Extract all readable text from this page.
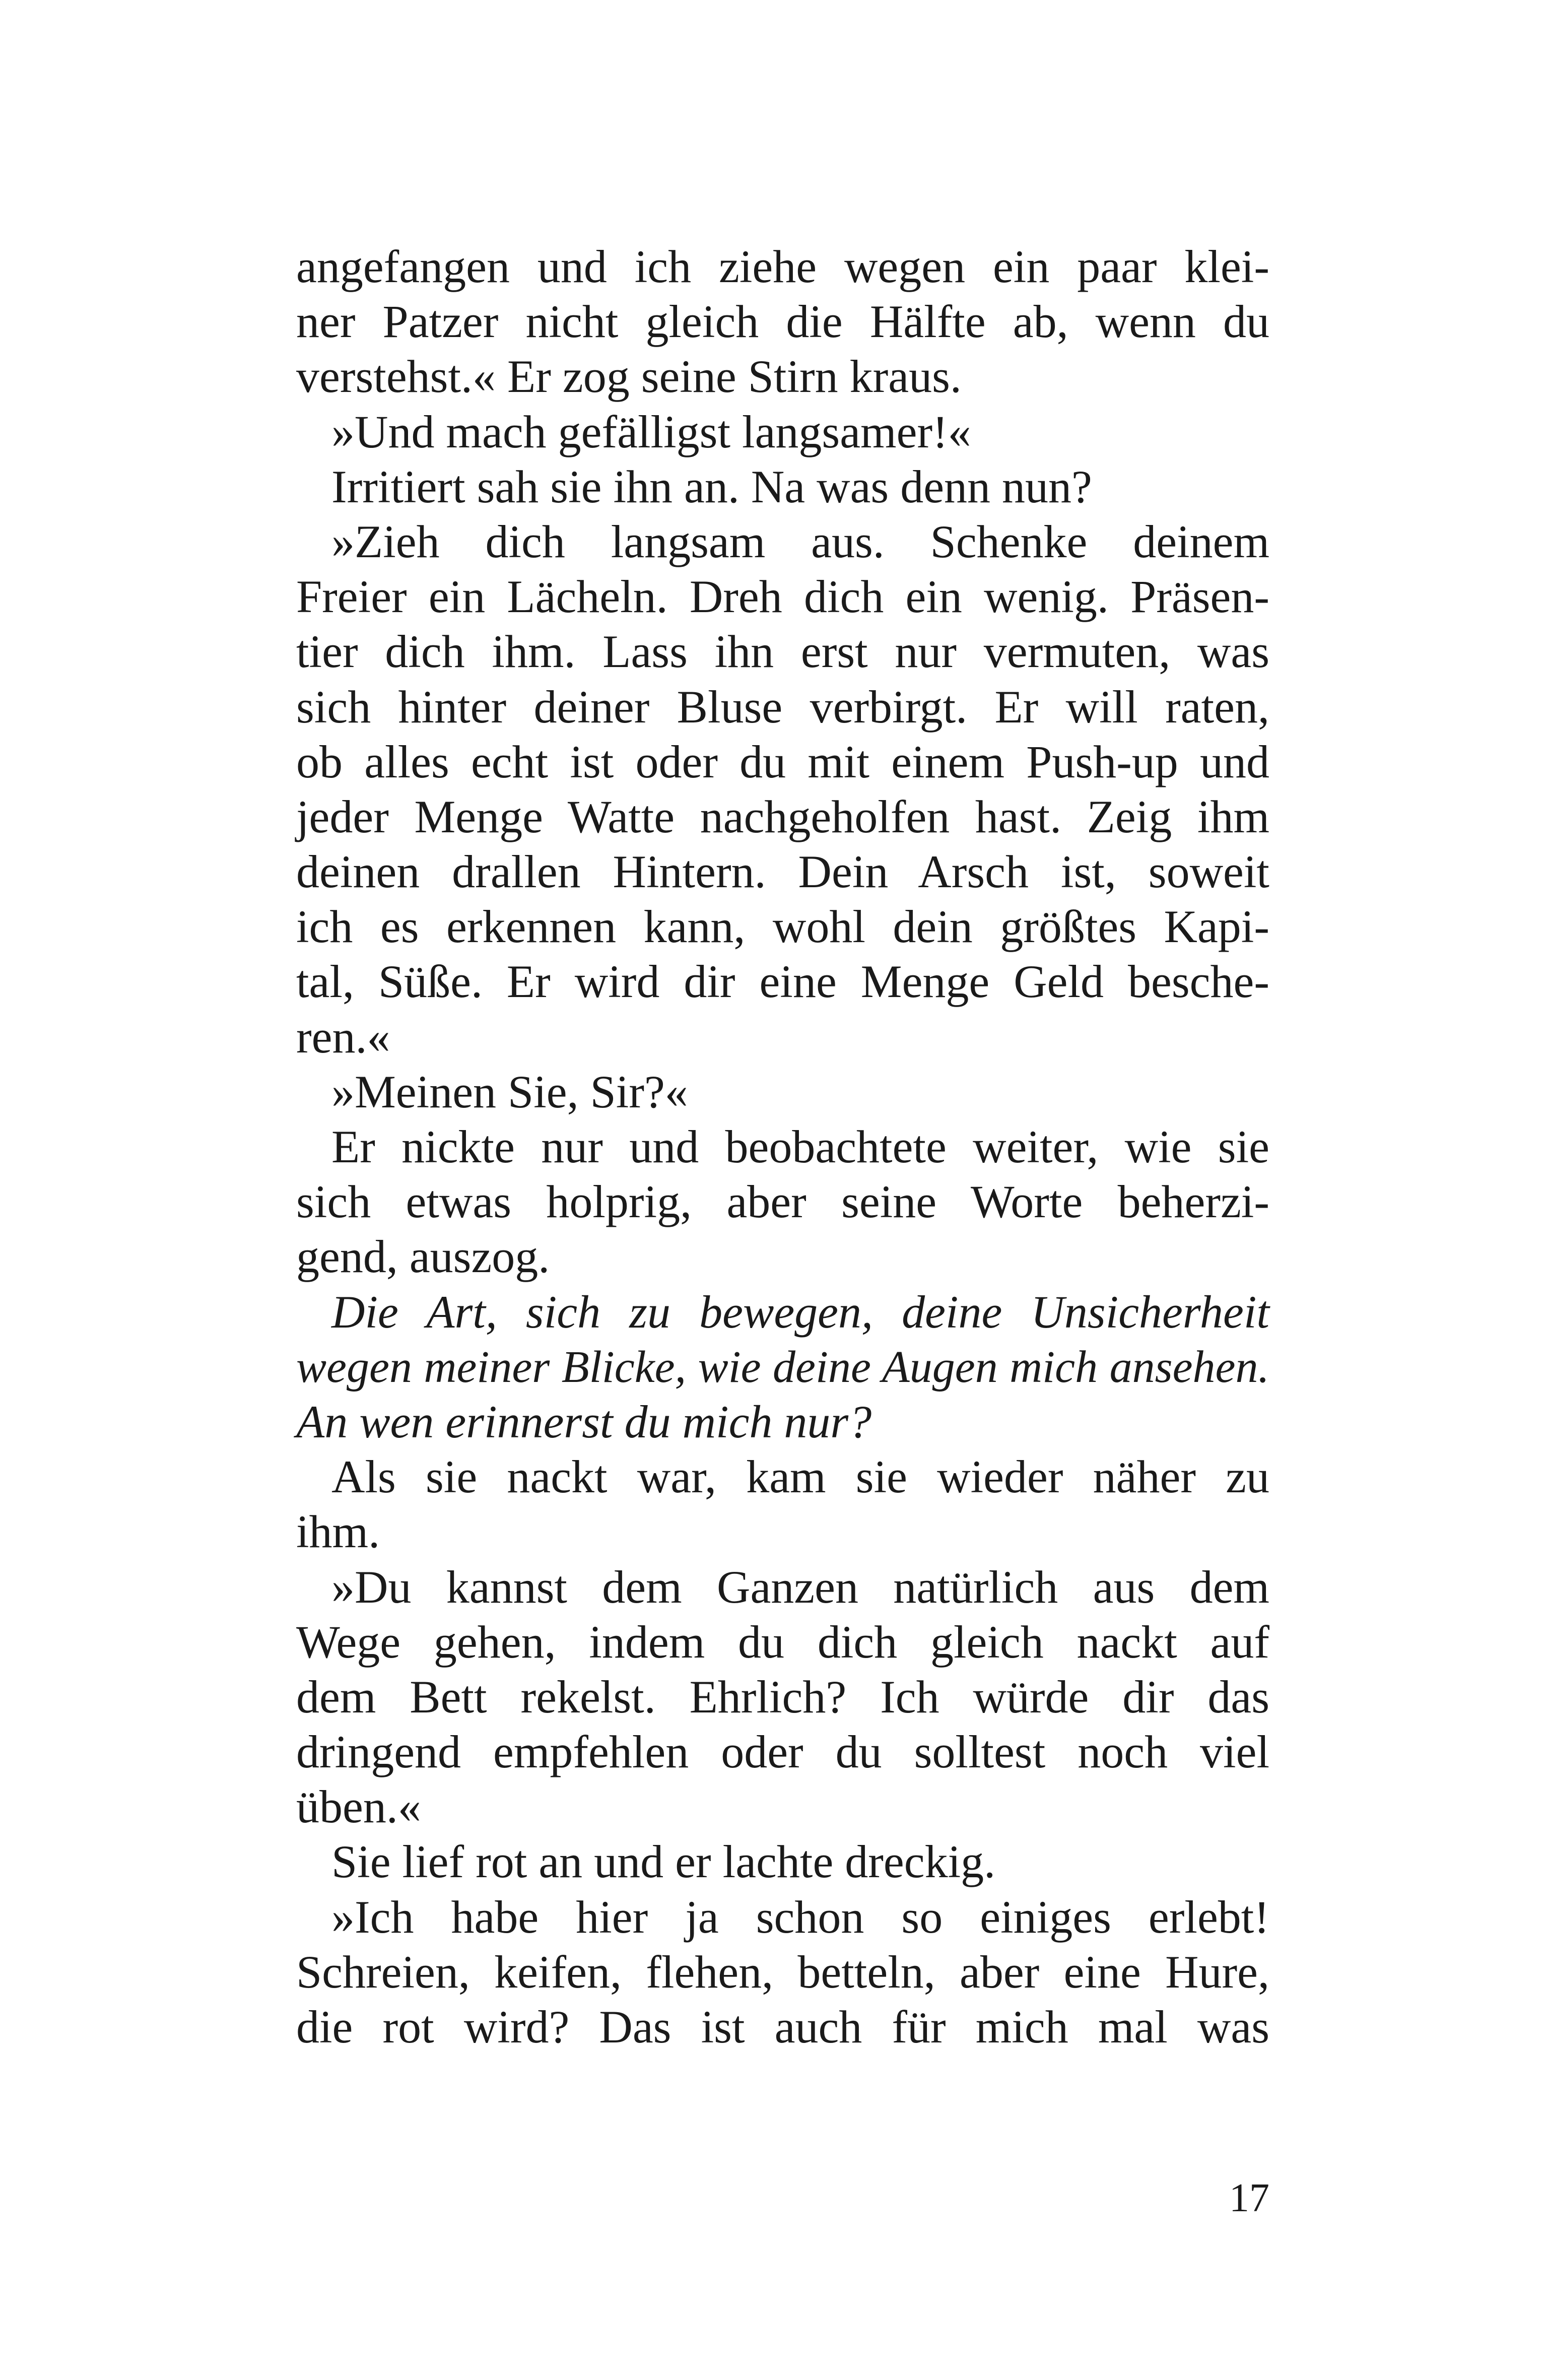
angefangen und ich ziehe wegen ein paar klei-
ner Patzer nicht gleich die Hälfte ab, wenn du
verstehst.« Er zog seine Stirn kraus.
»Und mach gefälligst langsamer!«
Irritiert sah sie ihn an. Na was denn nun?
»Zieh dich langsam aus. Schenke deinem
Freier ein Lächeln. Dreh dich ein wenig. Präsen-
tier dich ihm. Lass ihn erst nur vermuten, was
sich hinter deiner Bluse verbirgt. Er will raten,
ob alles echt ist oder du mit einem Push-up und
jeder Menge Watte nachgeholfen hast. Zeig ihm
deinen drallen Hintern. Dein Arsch ist, soweit
ich es erkennen kann, wohl dein größtes Kapi-
tal, Süße. Er wird dir eine Menge Geld besche-
ren.«
»Meinen Sie, Sir?«
Er nickte nur und beobachtete weiter, wie sie
sich etwas holprig, aber seine Worte beherzi-
gend, auszog.
Die Art, sich zu bewegen, deine Unsicherheit
wegen meiner Blicke, wie deine Augen mich ansehen.
An wen erinnerst du mich nur?
Als sie nackt war, kam sie wieder näher zu
ihm.
»Du kannst dem Ganzen natürlich aus dem
Wege gehen, indem du dich gleich nackt auf
dem Bett rekelst. Ehrlich? Ich würde dir das
dringend empfehlen oder du solltest noch viel
üben.«
Sie lief rot an und er lachte dreckig.
»Ich habe hier ja schon so einiges erlebt!
Schreien, keifen, flehen, betteln, aber eine Hure,
die rot wird? Das ist auch für mich mal was
17
